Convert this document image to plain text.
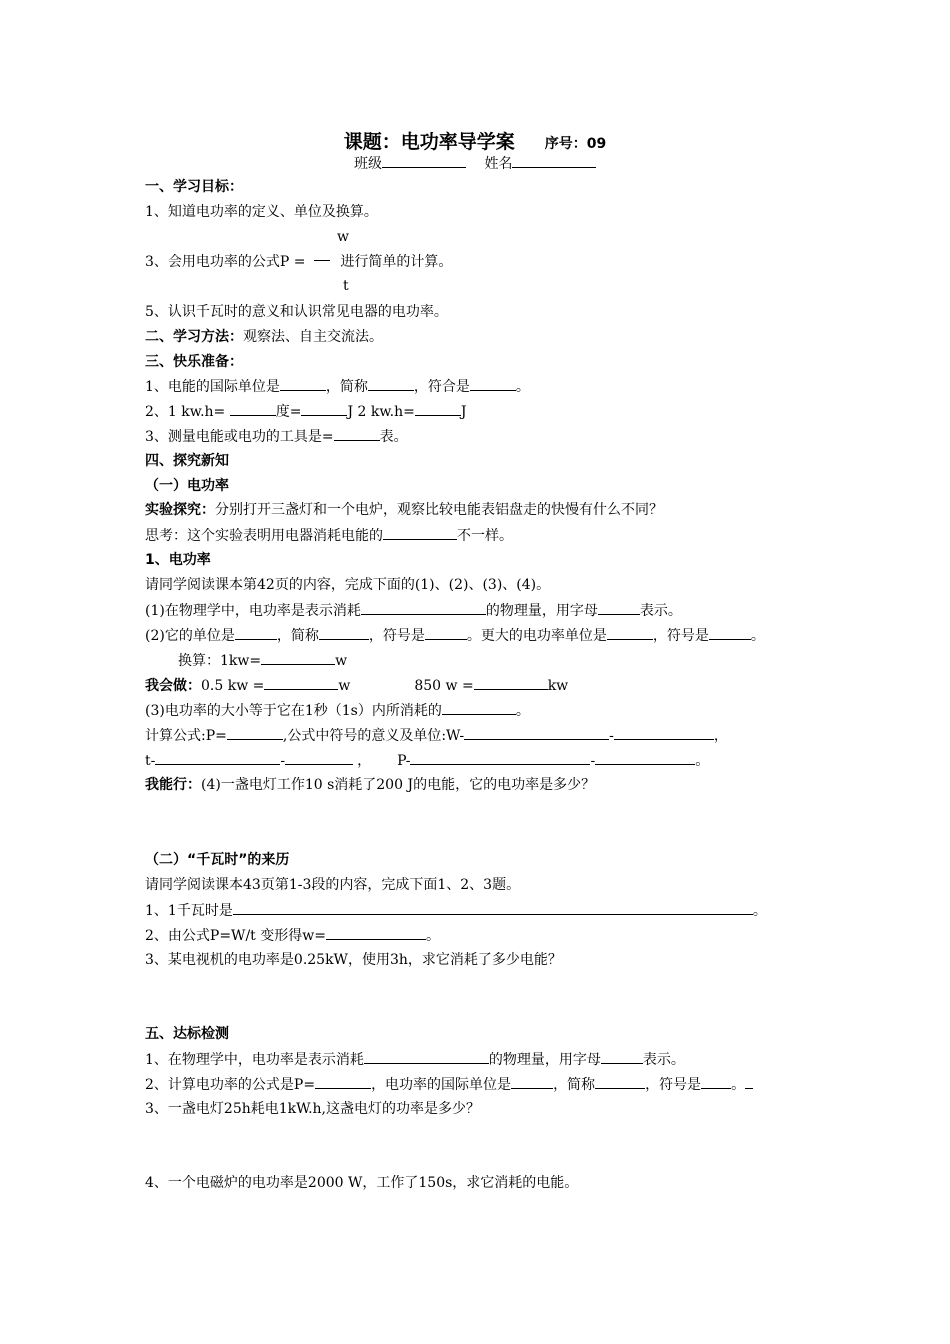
课题：电功率导学案 序号：09
班级	姓名
一、学习目标：
1、知道电功率的定义、单位及换算。
w
3、会用电功率的公式P = 进行简单的计算。
t
5、认识千瓦时的意义和认识常见电器的电功率。
二、学习方法：观察法、自主交流法。
三、快乐准备：
1、电能的国际单位是	，简称	，符合是	。
2、1 kw.h=	度=	J 2 kw.h=	J
3、测量电能或电功的工具是=	表。
四、探究新知
（一）电功率
实验探究：分别打开三盏灯和一个电炉，观察比较电能表铝盘走的快慢有什么不同？
思考：这个实验表明用电器消耗电能的	不一样。
1、电功率
请同学阅读课本第42页的内容，完成下面的(1)、(2)、(3)、(4)。
(1)在物理学中，电功率是表示消耗	的物理量，用字母	表示。
(2)它的单位是	，简称	，符号是	。更大的电功率单位是	，符号是	。
换算：1kw=	w
我会做：0.5 kw =	w	850 w =	kw
(3)电功率的大小等于它在1秒（1s）内所消耗的	。
计算公式:P=	,公式中符号的意义及单位:W-	-	，
t-	-	， P-	-	。
我能行：(4)一盏电灯工作10 s消耗了200 J的电能，它的电功率是多少？
（二）“千瓦时”的来历
请同学阅读课本43页第1-3段的内容，完成下面1、2、3题。
1、1千瓦时是	。
2、由公式P=W/t 变形得w=	。
3、某电视机的电功率是0.25kW，使用3h，求它消耗了多少电能？
五、达标检测
1、在物理学中，电功率是表示消耗	的物理量，用字母	表示。
2、计算电功率的公式是P=	，电功率的国际单位是	，简称	，符号是 。
3、一盏电灯25h耗电1kW.h,这盏电灯的功率是多少？
4、一个电磁炉的电功率是2000 W，工作了150s，求它消耗的电能。
